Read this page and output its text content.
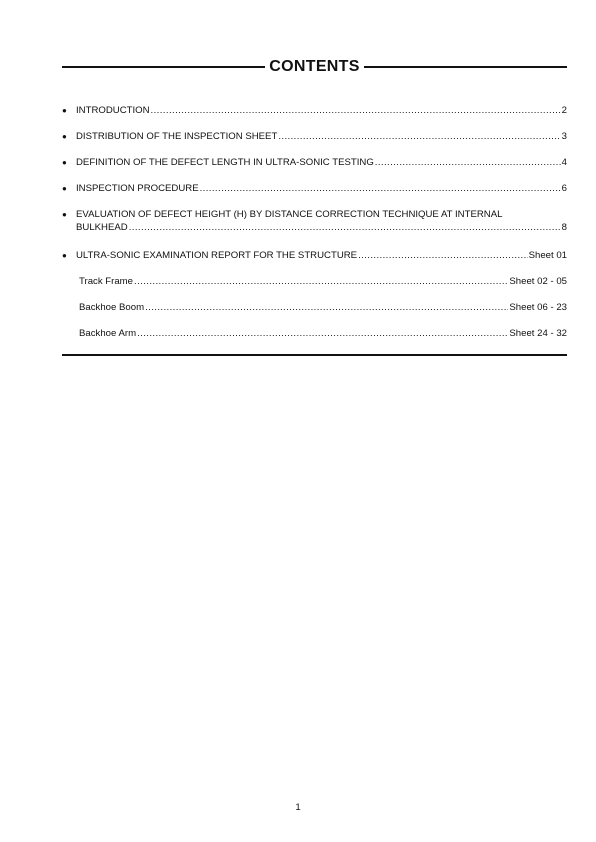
CONTENTS
● INTRODUCTION .....	2
● DISTRIBUTION OF THE INSPECTION SHEET .....	3
● DEFINITION OF THE DEFECT LENGTH IN ULTRA-SONIC TESTING .....	4
● INSPECTION PROCEDURE .....	6
● EVALUATION OF DEFECT HEIGHT (H) BY DISTANCE CORRECTION TECHNIQUE AT INTERNAL
BULKHEAD .....	8
● ULTRA-SONIC EXAMINATION REPORT FOR THE STRUCTURE .....	Sheet 01
Track Frame .....	Sheet 02 - 05
Backhoe Boom .....	Sheet 06 - 23
Backhoe Arm .....	Sheet 24 - 32
1
